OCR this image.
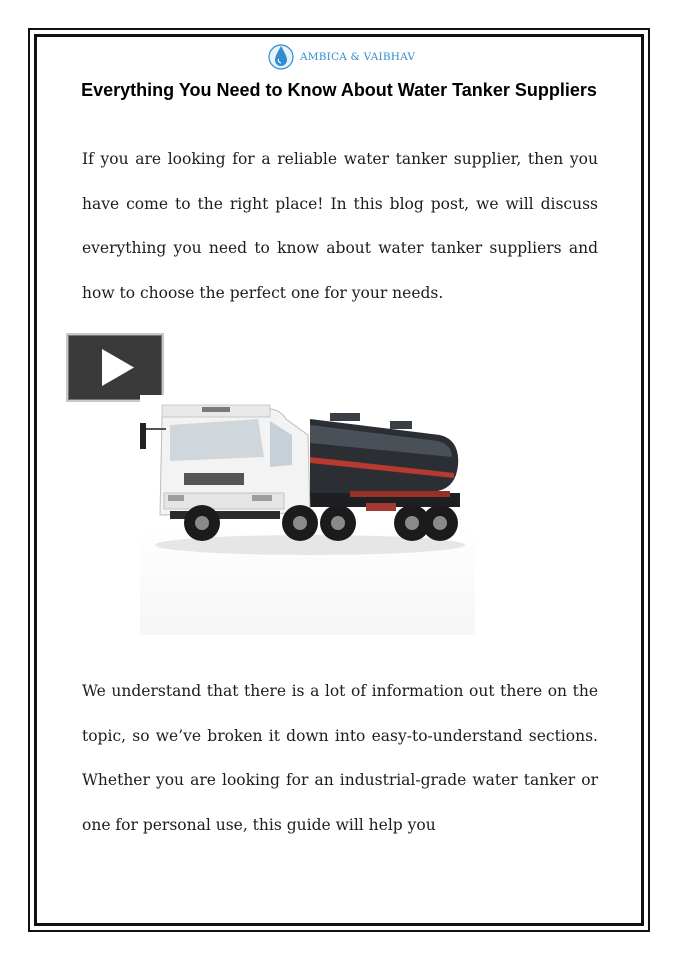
AMBICA & VAIBHAV
Everything You Need to Know About Water Tanker Suppliers

If you are looking for a reliable water tanker supplier, then you have come to the right place! In this blog post, we will discuss everything you need to know about water tanker suppliers and how to choose the perfect one for your needs.

We understand that there is a lot of information out there on the topic, so we’ve broken it down into easy-to-understand sections. Whether you are looking for an industrial-grade water tanker or one for personal use, this guide will help you
